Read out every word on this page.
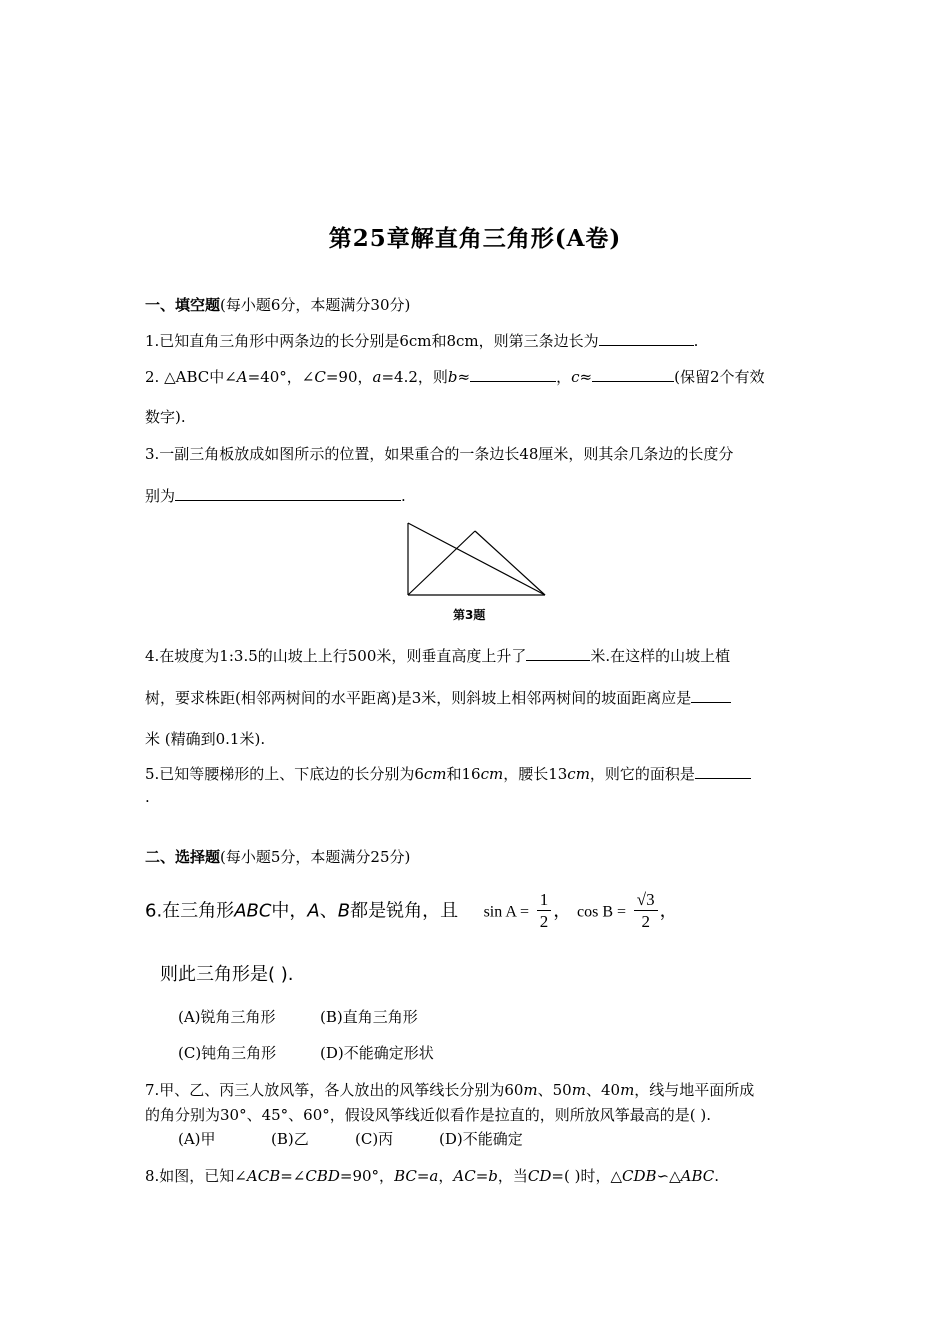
第25章解直角三角形(A卷)
一、填空题(每小题6分，本题满分30分)
1.已知直角三角形中两条边的长分别是6cm和8cm，则第三条边长为	.
2. △ABC中∠A=40°，∠C=90，a=4.2，则b≈	，c≈	(保留2个有效
数字).
3.一副三角板放成如图所示的位置，如果重合的一条边长48厘米，则其余几条边的长度分
别为	.
第3题
4.在坡度为1:3.5的山坡上上行500米，则垂直高度上升了	米.在这样的山坡上植
树，要求株距(相邻两树间的水平距离)是3米，则斜坡上相邻两树间的坡面距离应是
米 (精确到0.1米).
5.已知等腰梯形的上、下底边的长分别为6cm和16cm，腰长13cm，则它的面积是
.
二、选择题(每小题5分，本题满分25分)
6.在三角形ABC中，A、B都是锐角，且 $\sin A = \frac{1}{2}$ ， $\cos B = \frac{√3}{2}$ ，
则此三角形是( ).
(A)锐角三角形	(B)直角三角形
(C)钝角三角形	(D)不能确定形状
7.甲、乙、丙三人放风筝，各人放出的风筝线长分别为60m、50m、40m，线与地平面所成
的角分别为30°、45°、60°，假设风筝线近似看作是拉直的，则所放风筝最高的是( ).
(A)甲	(B)乙	(C)丙	(D)不能确定
8.如图，已知∠ACB=∠CBD=90°，BC=a，AC=b，当CD=( )时，△CDB∽△ABC.
